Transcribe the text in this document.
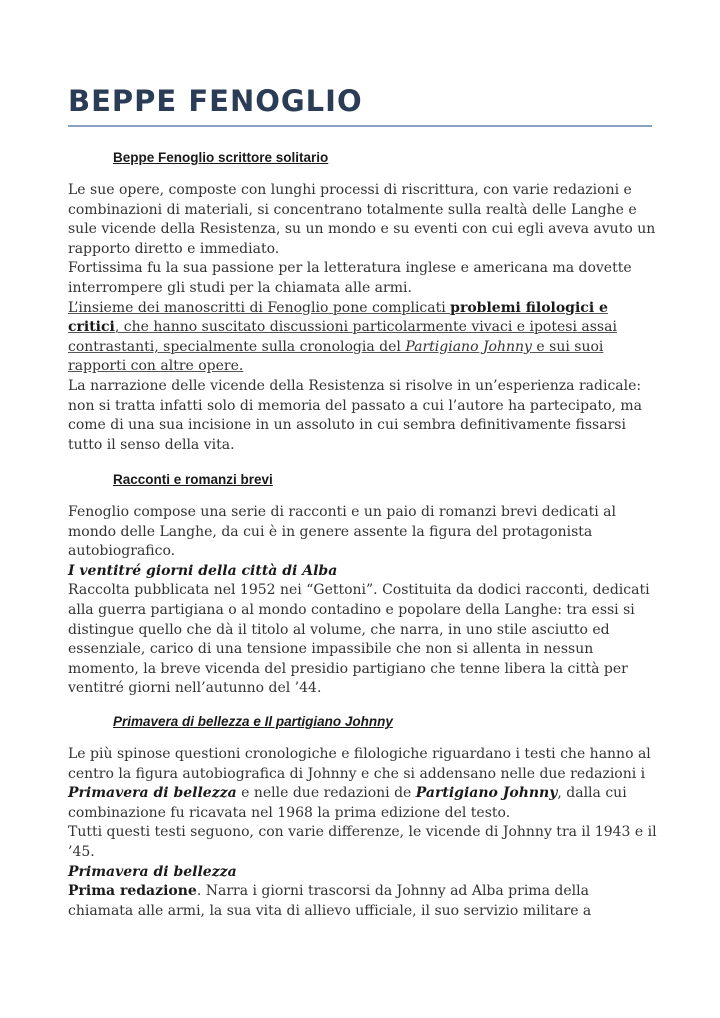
BEPPE FENOGLIO
Beppe Fenoglio scrittore solitario

Le sue opere, composte con lunghi processi di riscrittura, con varie redazioni e combinazioni di materiali, si concentrano totalmente sulla realtà delle Langhe e sule vicende della Resistenza, su un mondo e su eventi con cui egli aveva avuto un rapporto diretto e immediato.

Fortissima fu la sua passione per la letteratura inglese e americana ma dovette interrompere gli studi per la chiamata alle armi.

L’insieme dei manoscritti di Fenoglio pone complicati problemi filologici e critici, che hanno suscitato discussioni particolarmente vivaci e ipotesi assai contrastanti, specialmente sulla cronologia del Partigiano Johnny e sui suoi rapporti con altre opere.

La narrazione delle vicende della Resistenza si risolve in un’esperienza radicale: non si tratta infatti solo di memoria del passato a cui l’autore ha partecipato, ma come di una sua incisione in un assoluto in cui sembra definitivamente fissarsi tutto il senso della vita.

Racconti e romanzi brevi

Fenoglio compose una serie di racconti e un paio di romanzi brevi dedicati al mondo delle Langhe, da cui è in genere assente la figura del protagonista autobiografico.

I ventitré giorni della città di Alba

Raccolta pubblicata nel 1952 nei “Gettoni”. Costituita da dodici racconti, dedicati alla guerra partigiana o al mondo contadino e popolare della Langhe: tra essi si distingue quello che dà il titolo al volume, che narra, in uno stile asciutto ed essenziale, carico di una tensione impassibile che non si allenta in nessun momento, la breve vicenda del presidio partigiano che tenne libera la città per ventitré giorni nell’autunno del ’44.

Primavera di bellezza e Il partigiano Johnny

Le più spinose questioni cronologiche e filologiche riguardano i testi che hanno al centro la figura autobiografica di Johnny e che si addensano nelle due redazioni i Primavera di bellezza e nelle due redazioni de Partigiano Johnny, dalla cui combinazione fu ricavata nel 1968 la prima edizione del testo.

Tutti questi testi seguono, con varie differenze, le vicende di Johnny tra il 1943 e il ’45.

Primavera di bellezza

Prima redazione. Narra i giorni trascorsi da Johnny ad Alba prima della chiamata alle armi, la sua vita di allievo ufficiale, il suo servizio militare a
